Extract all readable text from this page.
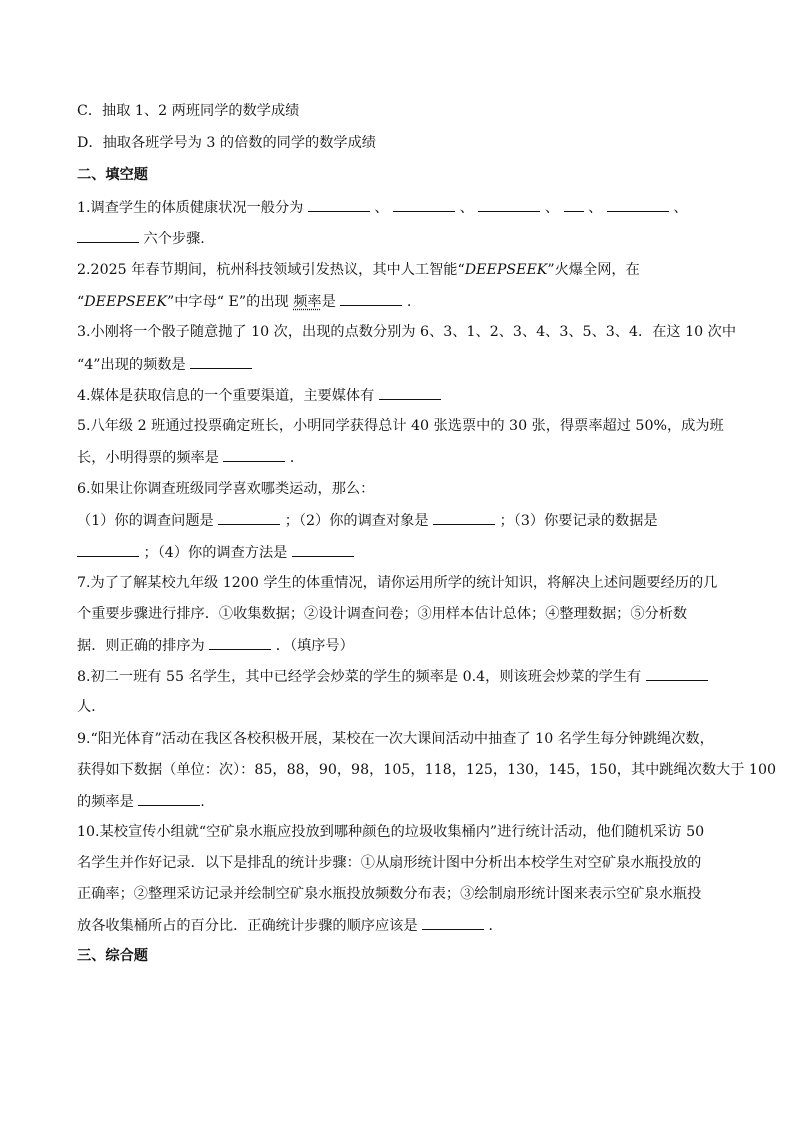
C．抽取 1、2 两班同学的数学成绩
D．抽取各班学号为 3 的倍数的同学的数学成绩
二、填空题
1.调查学生的体质健康状况一般分为	、	、	、 、	、
六个步骤.
2.2025 年春节期间，杭州科技领域引发热议，其中人工智能“DEEPSEEK”火爆全网，在
“DEEPSEEK”中字母“ E”的出现 频率是	.
3.小刚将一个骰子随意抛了 10 次，出现的点数分别为 6、3、1、2、3、4、3、5、3、4．在这 10 次中
“4”出现的频数是
4.媒体是获取信息的一个重要渠道，主要媒体有
5.八年级 2 班通过投票确定班长，小明同学获得总计 40 张选票中的 30 张，得票率超过 50%，成为班
长，小明得票的频率是	．
6.如果让你调查班级同学喜欢哪类运动，那么：
（1）你的调查问题是	；（2）你的调查对象是	；（3）你要记录的数据是
；（4）你的调查方法是
7.为了了解某校九年级 1200 学生的体重情况，请你运用所学的统计知识，将解决上述问题要经历的几
个重要步骤进行排序．①收集数据；②设计调查问卷；③用样本估计总体；④整理数据；⑤分析数
据．则正确的排序为	．（填序号）
8.初二一班有 55 名学生，其中已经学会炒菜的学生的频率是 0.4，则该班会炒菜的学生有
人．
9.“阳光体育”活动在我区各校积极开展，某校在一次大课间活动中抽查了 10 名学生每分钟跳绳次数，
获得如下数据（单位：次）：85，88，90，98，105，118，125，130，145，150，其中跳绳次数大于 100
的频率是	.
10.某校宣传小组就“空矿泉水瓶应投放到哪种颜色的垃圾收集桶内”进行统计活动，他们随机采访 50
名学生并作好记录．以下是排乱的统计步骤：①从扇形统计图中分析出本校学生对空矿泉水瓶投放的
正确率；②整理采访记录并绘制空矿泉水瓶投放频数分布表；③绘制扇形统计图来表示空矿泉水瓶投
放各收集桶所占的百分比．正确统计步骤的顺序应该是	．
三、综合题
